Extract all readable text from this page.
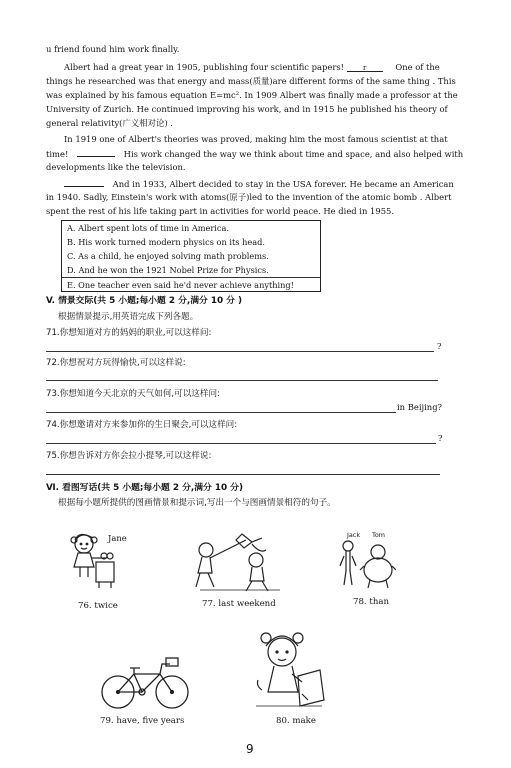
u friend found him work finally.
Albert had a great year in 1905, publishing four scientific papers!	r	One of the
things he researched was that energy and mass(质量)are different forms of the same thing . This
was explained by his famous equation E=mc². In 1909 Albert was finally made a professor at the
University of Zurich. He continued improving his work, and in 1915 he published his theory of
general relativity(广义相对论) .
In 1919 one of Albert's theories was proved, making him the most famous scientist at that
time!	His work changed the way we think about time and space, and also helped with
developments like the television.
And in 1933, Albert decided to stay in the USA forever. He became an American
in 1940. Sadly, Einstein's work with atoms(原子)led to the invention of the atomic bomb . Albert
spent the rest of his life taking part in activities for world peace. He died in 1955.
A. Albert spent lots of time in America.
B. His work turned modern physics on its head.
C. As a child, he enjoyed solving math problems.
D. And he won the 1921 Nobel Prize for Physics.
E. One teacher even said he'd never achieve anything!
V. 情景交际(共 5 小题;每小题 2 分,满分 10 分 )
根据情景提示,用英语完成下列各题。
71.你想知道对方的妈妈的职业,可以这样问:
?
72.你想祝对方玩得愉快,可以这样说:
73.你想知道今天北京的天气如何,可以这样问:
in Beijing?
74.你想邀请对方来参加你的生日聚会,可以这样问:
?
75.你想告诉对方你会拉小提琴,可以这样说:
Ⅵ. 看图写话(共 5 小题;每小题 2 分,满分 10 分)
根据每小题所提供的图画情景和提示词,写出一个与图画情景相符的句子。
Jane	Jack Tom
76. twice	77. last weekend	78. than
79. have, five years	80. make
9
